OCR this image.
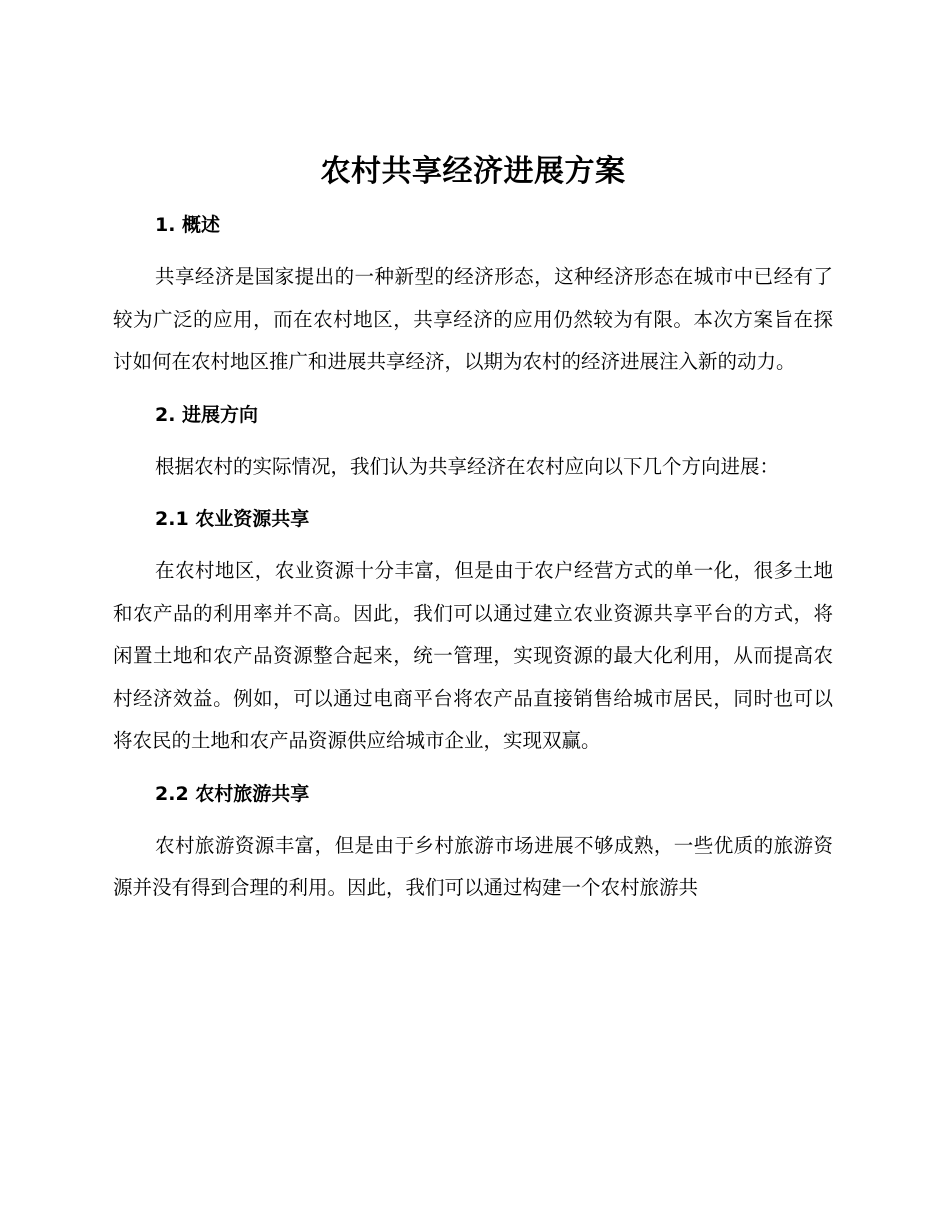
农村共享经济进展方案

1. 概述

共享经济是国家提出的一种新型的经济形态，这种经济形态在城市中已经有了较为广泛的应用，而在农村地区，共享经济的应用仍然较为有限。本次方案旨在探讨如何在农村地区推广和进展共享经济，以期为农村的经济进展注入新的动力。

2. 进展方向

根据农村的实际情况，我们认为共享经济在农村应向以下几个方向进展：

2.1 农业资源共享

在农村地区，农业资源十分丰富，但是由于农户经营方式的单一化，很多土地和农产品的利用率并不高。因此，我们可以通过建立农业资源共享平台的方式，将闲置土地和农产品资源整合起来，统一管理，实现资源的最大化利用，从而提高农村经济效益。例如，可以通过电商平台将农产品直接销售给城市居民，同时也可以将农民的土地和农产品资源供应给城市企业，实现双赢。

2.2 农村旅游共享

农村旅游资源丰富，但是由于乡村旅游市场进展不够成熟，一些优质的旅游资源并没有得到合理的利用。因此，我们可以通过构建一个农村旅游共
